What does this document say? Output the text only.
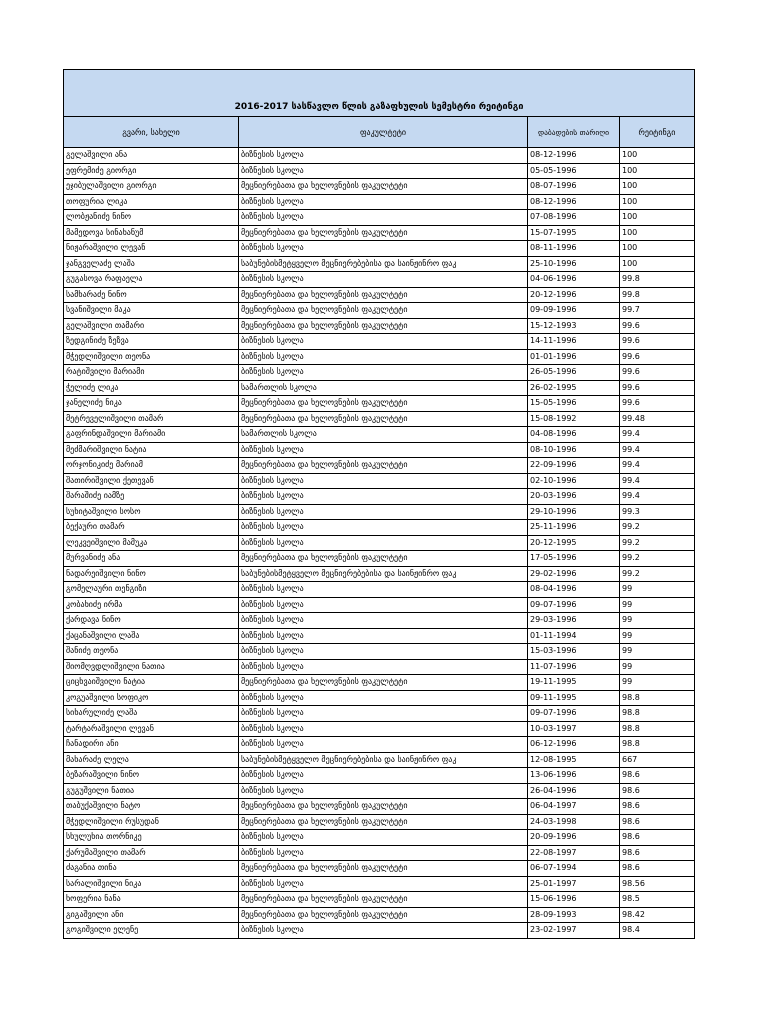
2016-2017 სასწავლო წლის გაზაფხულის სემესტრი რეიტინგი			
გვარი, სახელი	ფაკულტეტი	დაბადების თარიღი	რეიტინგი
გელაშვილი ანა	ბიზნესის სკოლა	08-12-1996	100
ეფრემიძე გიორგი	ბიზნესის სკოლა	05-05-1996	100
ეჯიბულაშვილი გიორგი	მეცნიერებათა და ხელოვნების ფაკულტეტი	08-07-1996	100
თოფურია ლიკა	ბიზნესის სკოლა	08-12-1996	100
ლობჟანიძე ნინო	ბიზნესის სკოლა	07-08-1996	100
მამედოვა სინახანუმ	მეცნიერებათა და ხელოვნების ფაკულტეტი	15-07-1995	100
ნიჟარაშვილი ლევან	ბიზნესის სკოლა	08-11-1996	100
ჯანგველაძე ლაშა	საბუნებისმეტყველო მეცნიერებებისა და საინჟინრო ფაკ	25-10-1996	100
გუგასოვა რაფაელა	ბიზნესის სკოლა	04-06-1996	99.8
სამხარაძე ნინო	მეცნიერებათა და ხელოვნების ფაკულტეტი	20-12-1996	99.8
სვანიშვილი მაკა	მეცნიერებათა და ხელოვნების ფაკულტეტი	09-09-1996	99.7
გელაშვილი თამარი	მეცნიერებათა და ხელოვნების ფაკულტეტი	15-12-1993	99.6
ზედგინიძე ზეზვა	ბიზნესის სკოლა	14-11-1996	99.6
მჭედლიშვილი თეონა	ბიზნესის სკოლა	01-01-1996	99.6
რატიშვილი მარიამი	ბიზნესის სკოლა	26-05-1996	99.6
ჭელიძე ლიკა	სამართლის სკოლა	26-02-1995	99.6
ჯანელიძე ნიკა	მეცნიერებათა და ხელოვნების ფაკულტეტი	15-05-1996	99.6
მეტრეველიშვილი თამარ	მეცნიერებათა და ხელოვნების ფაკულტეტი	15-08-1992	99.48
გაფრინდაშვილი მარიამი	სამართლის სკოლა	04-08-1996	99.4
მეძმარიშვილი ნატია	ბიზნესის სკოლა	08-10-1996	99.4
ორჯონიკიძე მარიამ	მეცნიერებათა და ხელოვნების ფაკულტეტი	22-09-1996	99.4
შათირიშვილი ქეთევან	ბიზნესის სკოლა	02-10-1996	99.4
შარაშიძე იამზე	ბიზნესის სკოლა	20-03-1996	99.4
სუხიტაშვილი სოსო	ბიზნესის სკოლა	29-10-1996	99.3
ბექაური თამარ	ბიზნესის სკოლა	25-11-1996	99.2
ლეკვეიშვილი მამუკა	ბიზნესის სკოლა	20-12-1995	99.2
მურვანიძე ანა	მეცნიერებათა და ხელოვნების ფაკულტეტი	17-05-1996	99.2
ნადარეიშვილი ნინო	საბუნებისმეტყველო მეცნიერებებისა და საინჟინრო ფაკ	29-02-1996	99.2
გომელაური თენგიზი	ბიზნესის სკოლა	08-04-1996	99
კობახიძე ირმა	ბიზნესის სკოლა	09-07-1996	99
ქარდავა ნინო	ბიზნესის სკოლა	29-03-1996	99
ქაცანაშვილი ლაშა	ბიზნესის სკოლა	01-11-1994	99
შანიძე თეონა	ბიზნესის სკოლა	15-03-1996	99
შიომღვდლიშვილი ნათია	ბიზნესის სკოლა	11-07-1996	99
ციცხვაიშვილი ნატია	მეცნიერებათა და ხელოვნების ფაკულტეტი	19-11-1995	99
კოგუაშვილი სოფიკო	ბიზნესის სკოლა	09-11-1995	98.8
სიხარულიძე ლაშა	ბიზნესის სკოლა	09-07-1996	98.8
ტარტარაშვილი ლევან	ბიზნესის სკოლა	10-03-1997	98.8
ჩანადირი ანი	ბიზნესის სკოლა	06-12-1996	98.8
მახარაძე ლელა	საბუნებისმეტყველო მეცნიერებებისა და საინჟინრო ფაკ	12-08-1995	667
ბეზარაშვილი ნინო	ბიზნესის სკოლა	13-06-1996	98.6
გუგუშვილი ნათია	ბიზნესის სკოლა	26-04-1996	98.6
თაბუქაშვილი ნატო	მეცნიერებათა და ხელოვნების ფაკულტეტი	06-04-1997	98.6
მჭედლიშვილი რუსუდან	მეცნიერებათა და ხელოვნების ფაკულტეტი	24-03-1998	98.6
სხულუხია თორნიკე	ბიზნესის სკოლა	20-09-1996	98.6
ქარუმაშვილი თამარ	ბიზნესის სკოლა	22-08-1997	98.6
ძაგანია თინა	მეცნიერებათა და ხელოვნების ფაკულტეტი	06-07-1994	98.6
სარალიშვილი ნიკა	ბიზნესის სკოლა	25-01-1997	98.56
ხოფერია ნანა	მეცნიერებათა და ხელოვნების ფაკულტეტი	15-06-1996	98.5
გიგაშვილი ანი	მეცნიერებათა და ხელოვნების ფაკულტეტი	28-09-1993	98.42
გოგიშვილი ელენე	ბიზნესის სკოლა	23-02-1997	98.4
